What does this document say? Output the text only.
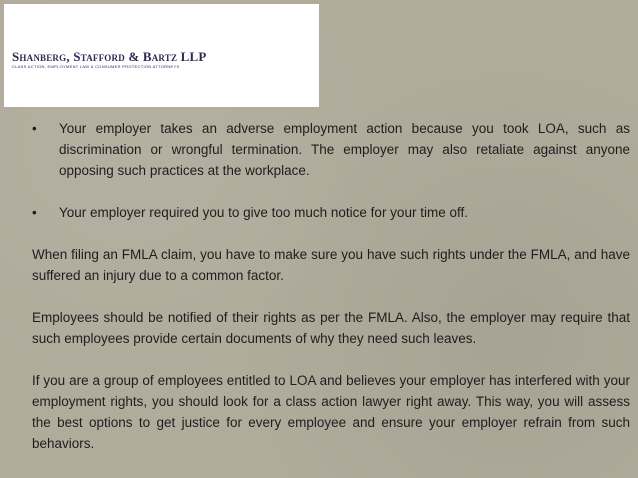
Shanberg, Stafford & Bartz LLP
CLASS ACTION, EMPLOYMENT LAW & CONSUMER PROTECTION ATTORNEYS
• Your employer takes an adverse employment action because you took LOA, such as discrimination or wrongful termination. The employer may also retaliate against anyone opposing such practices at the workplace.
• Your employer required you to give too much notice for your time off.
When filing an FMLA claim, you have to make sure you have such rights under the FMLA, and have suffered an injury due to a common factor.
Employees should be notified of their rights as per the FMLA. Also, the employer may require that such employees provide certain documents of why they need such leaves.
If you are a group of employees entitled to LOA and believes your employer has interfered with your employment rights, you should look for a class action lawyer right away. This way, you will assess the best options to get justice for every employee and ensure your employer refrain from such behaviors.
